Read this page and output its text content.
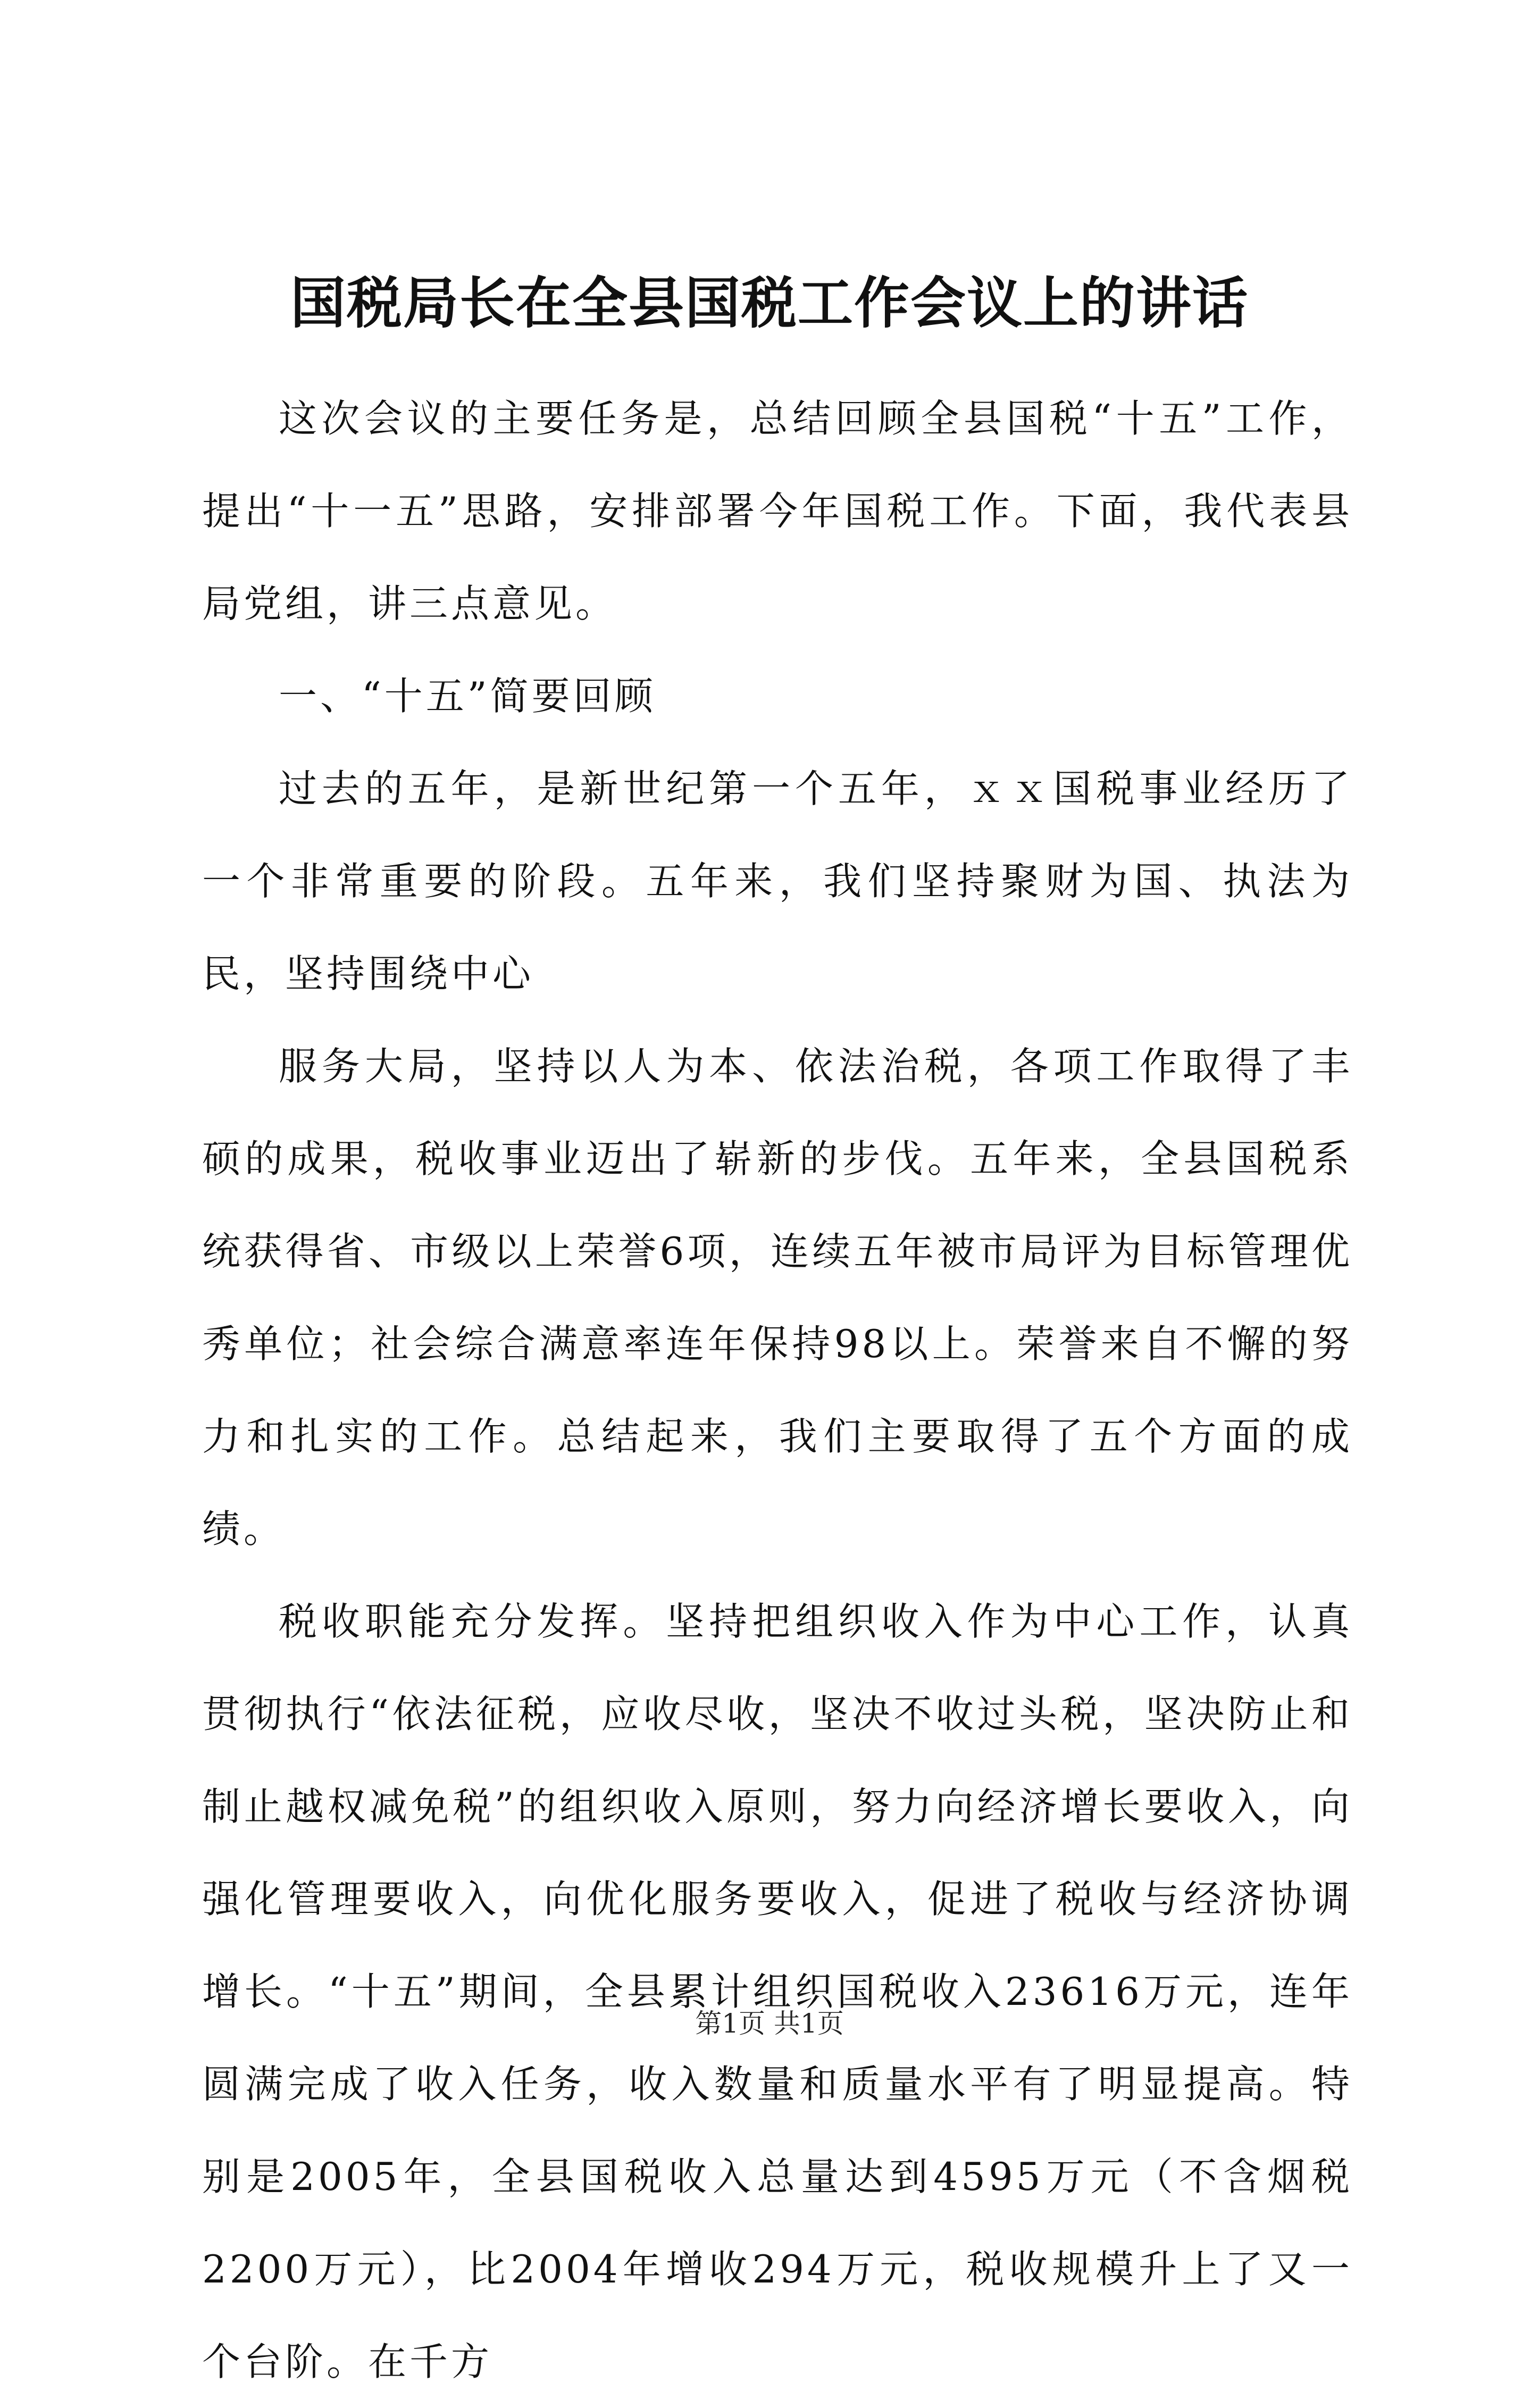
国税局长在全县国税工作会议上的讲话

这次会议的主要任务是，总结回顾全县国税“十五”工作，提出“十一五”思路，安排部署今年国税工作。下面，我代表县局党组，讲三点意见。

一、“十五”简要回顾

过去的五年，是新世纪第一个五年，ｘｘ国税事业经历了一个非常重要的阶段。五年来，我们坚持聚财为国、执法为民，坚持围绕中心

服务大局，坚持以人为本、依法治税，各项工作取得了丰硕的成果，税收事业迈出了崭新的步伐。五年来，全县国税系统获得省、市级以上荣誉6项，连续五年被市局评为目标管理优秀单位；社会综合满意率连年保持98以上。荣誉来自不懈的努力和扎实的工作。总结起来，我们主要取得了五个方面的成绩。

税收职能充分发挥。坚持把组织收入作为中心工作，认真贯彻执行“依法征税，应收尽收，坚决不收过头税，坚决防止和制止越权减免税”的组织收入原则，努力向经济增长要收入，向强化管理要收入，向优化服务要收入，促进了税收与经济协调增长。“十五”期间，全县累计组织国税收入23616万元，连年圆满完成了收入任务，收入数量和质量水平有了明显提高。特别是2005年，全县国税收入总量达到4595万元（不含烟税2200万元），比2004年增收294万元，税收规模升上了又一个台阶。在千方

第1页 共1页
